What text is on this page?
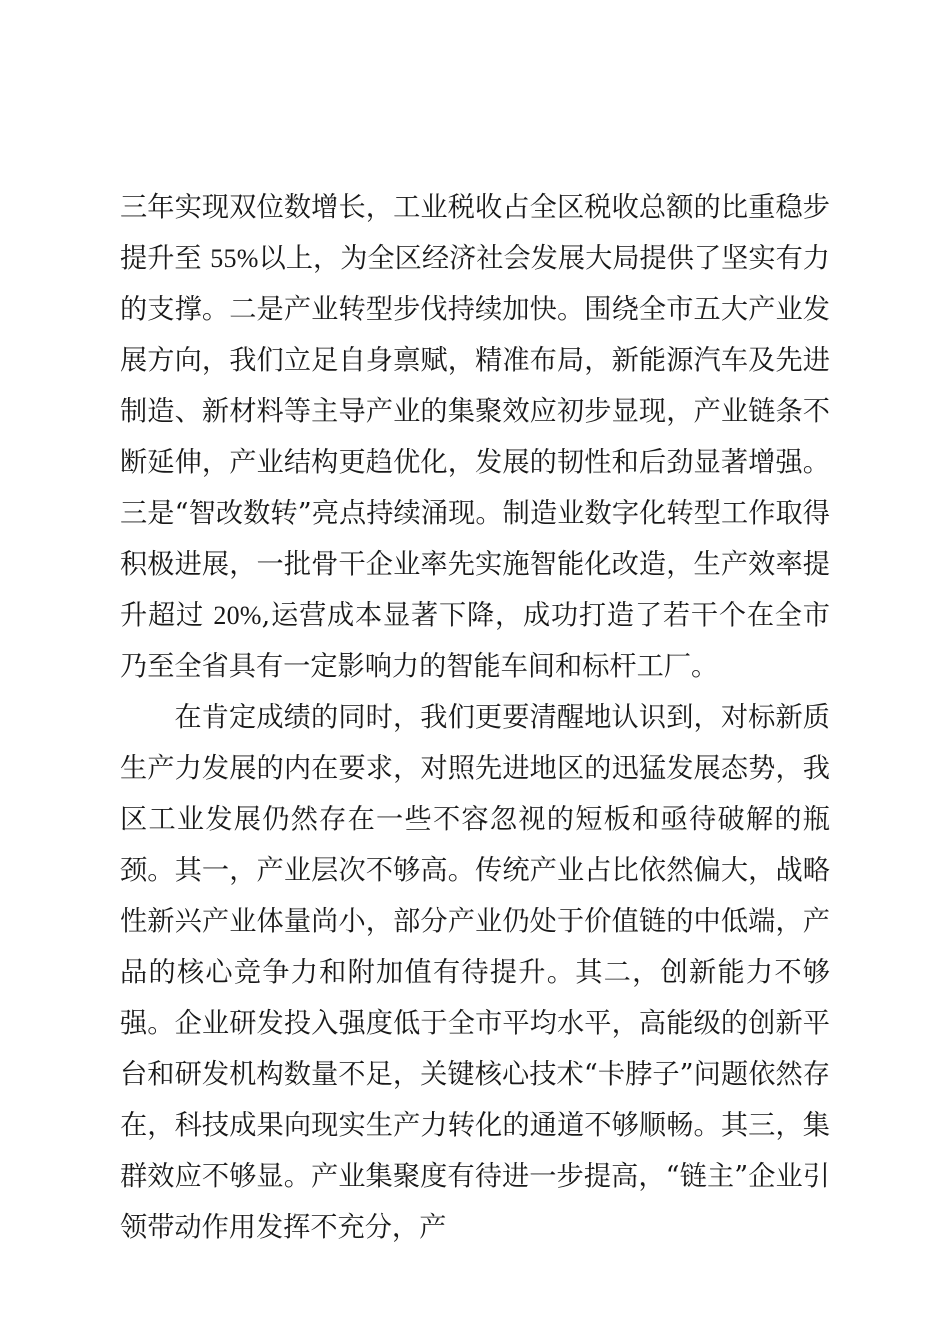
三年实现双位数增长，工业税收占全区税收总额的比重稳步提升至 55%以上，为全区经济社会发展大局提供了坚实有力的支撑。二是产业转型步伐持续加快。围绕全市五大产业发展方向，我们立足自身禀赋，精准布局，新能源汽车及先进制造、新材料等主导产业的集聚效应初步显现，产业链条不断延伸，产业结构更趋优化，发展的韧性和后劲显著增强。三是“智改数转”亮点持续涌现。制造业数字化转型工作取得积极进展，一批骨干企业率先实施智能化改造，生产效率提升超过 20%,运营成本显著下降，成功打造了若干个在全市乃至全省具有一定影响力的智能车间和标杆工厂。

在肯定成绩的同时，我们更要清醒地认识到，对标新质生产力发展的内在要求，对照先进地区的迅猛发展态势，我区工业发展仍然存在一些不容忽视的短板和亟待破解的瓶颈。其一，产业层次不够高。传统产业占比依然偏大，战略性新兴产业体量尚小，部分产业仍处于价值链的中低端，产品的核心竞争力和附加值有待提升。其二，创新能力不够强。企业研发投入强度低于全市平均水平，高能级的创新平台和研发机构数量不足，关键核心技术“卡脖子”问题依然存在，科技成果向现实生产力转化的通道不够顺畅。其三，集群效应不够显。产业集聚度有待进一步提高，“链主”企业引领带动作用发挥不充分，产
